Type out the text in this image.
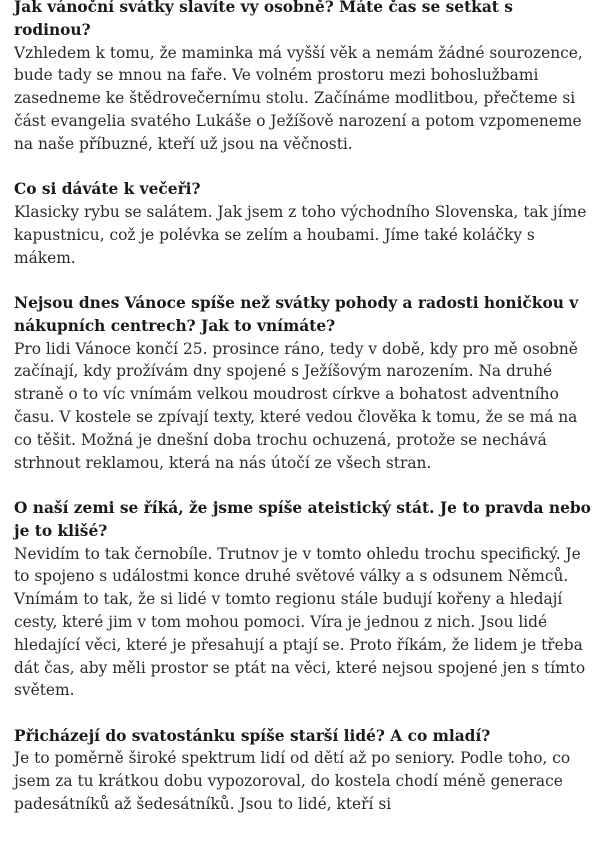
Jak vánoční svátky slavíte vy osobně? Máte čas se setkat s rodinou?

Vzhledem k tomu, že maminka má vyšší věk a nemám žádné sourozence, bude tady se mnou na faře. Ve volném prostoru mezi bohoslužbami zasedneme ke štědrovečernímu stolu. Začínáme modlitbou, přečteme si část evangelia svatého Lukáše o Ježíšově narození a potom vzpomeneme na naše příbuzné, kteří už jsou na věčnosti.

Co si dáváte k večeři?

Klasicky rybu se salátem. Jak jsem z toho východního Slovenska, tak jíme kapustnicu, což je polévka se zelím a houbami. Jíme také koláčky s mákem.

Nejsou dnes Vánoce spíše než svátky pohody a radosti honičkou v nákupních centrech? Jak to vnímáte?

Pro lidi Vánoce končí 25. prosince ráno, tedy v době, kdy pro mě osobně začínají, kdy prožívám dny spojené s Ježíšovým narozením. Na druhé straně o to víc vnímám velkou moudrost církve a bohatost adventního času. V kostele se zpívají texty, které vedou člověka k tomu, že se má na co těšit. Možná je dnešní doba trochu ochuzená, protože se nechává strhnout reklamou, která na nás útočí ze všech stran.

O naší zemi se říká, že jsme spíše ateistický stát. Je to pravda nebo je to klišé?

Nevidím to tak černobíle. Trutnov je v tomto ohledu trochu specifický. Je to spojeno s událostmi konce druhé světové války a s odsunem Němců. Vnímám to tak, že si lidé v tomto regionu stále budují kořeny a hledají cesty, které jim v tom mohou pomoci. Víra je jednou z nich. Jsou lidé hledající věci, které je přesahují a ptají se. Proto říkám, že lidem je třeba dát čas, aby měli prostor se ptát na věci, které nejsou spojené jen s tímto světem.

Přicházejí do svatostánku spíše starší lidé? A co mladí?

Je to poměrně široké spektrum lidí od dětí až po seniory. Podle toho, co jsem za tu krátkou dobu vypozoroval, do kostela chodí méně generace padesátníků až šedesátníků. Jsou to lidé, kteří si
